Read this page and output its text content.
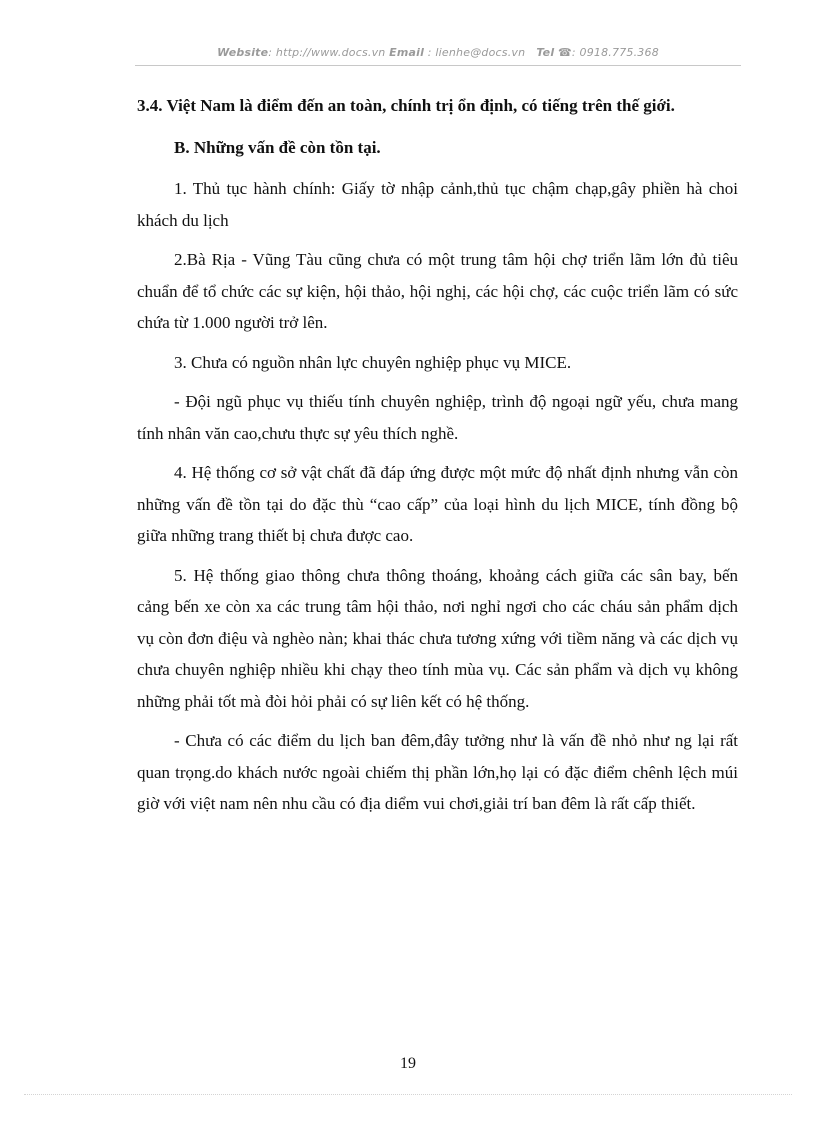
Website: http://www.docs.vn Email : lienhe@docs.vn Tel ☎: 0918.775.368

3.4. Việt Nam là điểm đến an toàn, chính trị ổn định, có tiếng trên thế giới.

B. Những vấn đề còn tồn tại.

1. Thủ tục hành chính: Giấy tờ nhập cảnh,thủ tục chậm chạp,gây phiền hà choi khách du lịch

2.Bà Rịa - Vũng Tàu cũng chưa có một trung tâm hội chợ triển lãm lớn đủ tiêu chuẩn để tổ chức các sự kiện, hội thảo, hội nghị, các hội chợ, các cuộc triển lãm có sức chứa từ 1.000 người trở lên.

3. Chưa có nguồn nhân lực chuyên nghiệp phục vụ MICE.

- Đội ngũ phục vụ thiếu tính chuyên nghiệp, trình độ ngoại ngữ yếu, chưa mang tính nhân văn cao,chưu thực sự yêu thích nghề.

4. Hệ thống cơ sở vật chất đã đáp ứng được một mức độ nhất định nhưng vẫn còn những vấn đề tồn tại do đặc thù “cao cấp” của loại hình du lịch MICE, tính đồng bộ giữa những trang thiết bị chưa được cao.

5. Hệ thống giao thông chưa thông thoáng, khoảng cách giữa các sân bay, bến cảng bến xe còn xa các trung tâm hội thảo, nơi nghỉ ngơi cho các cháu sản phẩm dịch vụ còn đơn điệu và nghèo nàn; khai thác chưa tương xứng với tiềm năng và các dịch vụ chưa chuyên nghiệp nhiều khi chạy theo tính mùa vụ. Các sản phẩm và dịch vụ không những phải tốt mà đòi hỏi phải có sự liên kết có hệ thống.

- Chưa có các điểm du lịch ban đêm,đây tưởng như là vấn đề nhỏ như ng lại rất quan trọng.do khách nước ngoài chiếm thị phần lớn,họ lại có đặc điểm chênh lệch múi giờ với việt nam nên nhu cầu có địa diểm vui chơi,giải trí ban đêm là rất cấp thiết.

19
